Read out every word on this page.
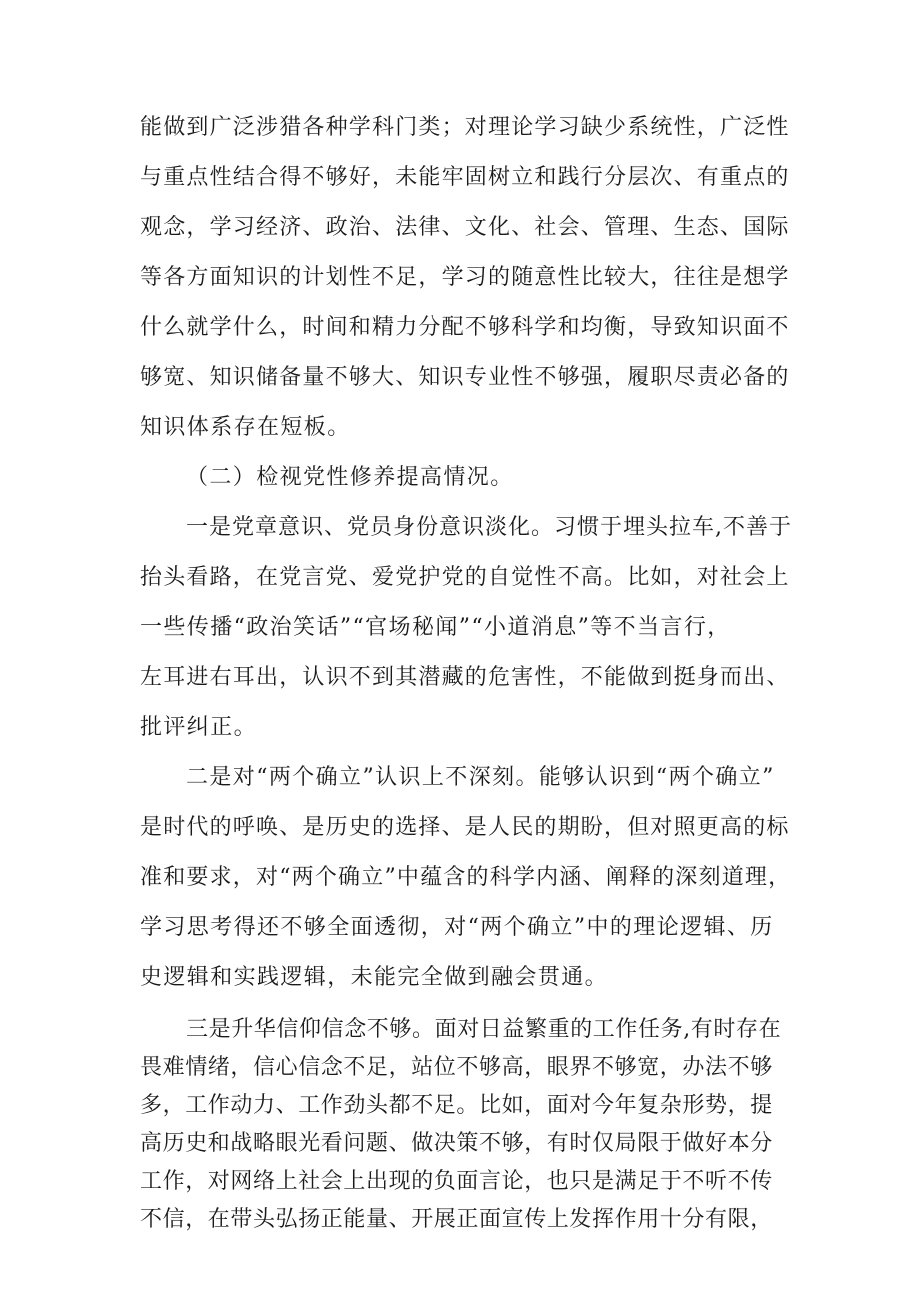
能做到广泛涉猎各种学科门类；对理论学习缺少系统性，广泛性
与重点性结合得不够好，未能牢固树立和践行分层次、有重点的
观念，学习经济、政治、法律、文化、社会、管理、生态、国际
等各方面知识的计划性不足，学习的随意性比较大，往往是想学
什么就学什么，时间和精力分配不够科学和均衡，导致知识面不
够宽、知识储备量不够大、知识专业性不够强，履职尽责必备的
知识体系存在短板。
（二）检视党性修养提高情况。
一是党章意识、党员身份意识淡化。习惯于埋头拉车,不善于
抬头看路，在党言党、爱党护党的自觉性不高。比如，对社会上
一些传播“政治笑话”“官场秘闻”“小道消息”等不当言行，
左耳进右耳出，认识不到其潜藏的危害性，不能做到挺身而出、
批评纠正。
二是对“两个确立”认识上不深刻。能够认识到“两个确立”
是时代的呼唤、是历史的选择、是人民的期盼，但对照更高的标
准和要求，对“两个确立”中蕴含的科学内涵、阐释的深刻道理，
学习思考得还不够全面透彻，对“两个确立”中的理论逻辑、历
史逻辑和实践逻辑，未能完全做到融会贯通。
三是升华信仰信念不够。面对日益繁重的工作任务,有时存在
畏难情绪，信心信念不足，站位不够高，眼界不够宽，办法不够
多，工作动力、工作劲头都不足。比如，面对今年复杂形势，提
高历史和战略眼光看问题、做决策不够，有时仅局限于做好本分
工作，对网络上社会上出现的负面言论，也只是满足于不听不传
不信，在带头弘扬正能量、开展正面宣传上发挥作用十分有限，
